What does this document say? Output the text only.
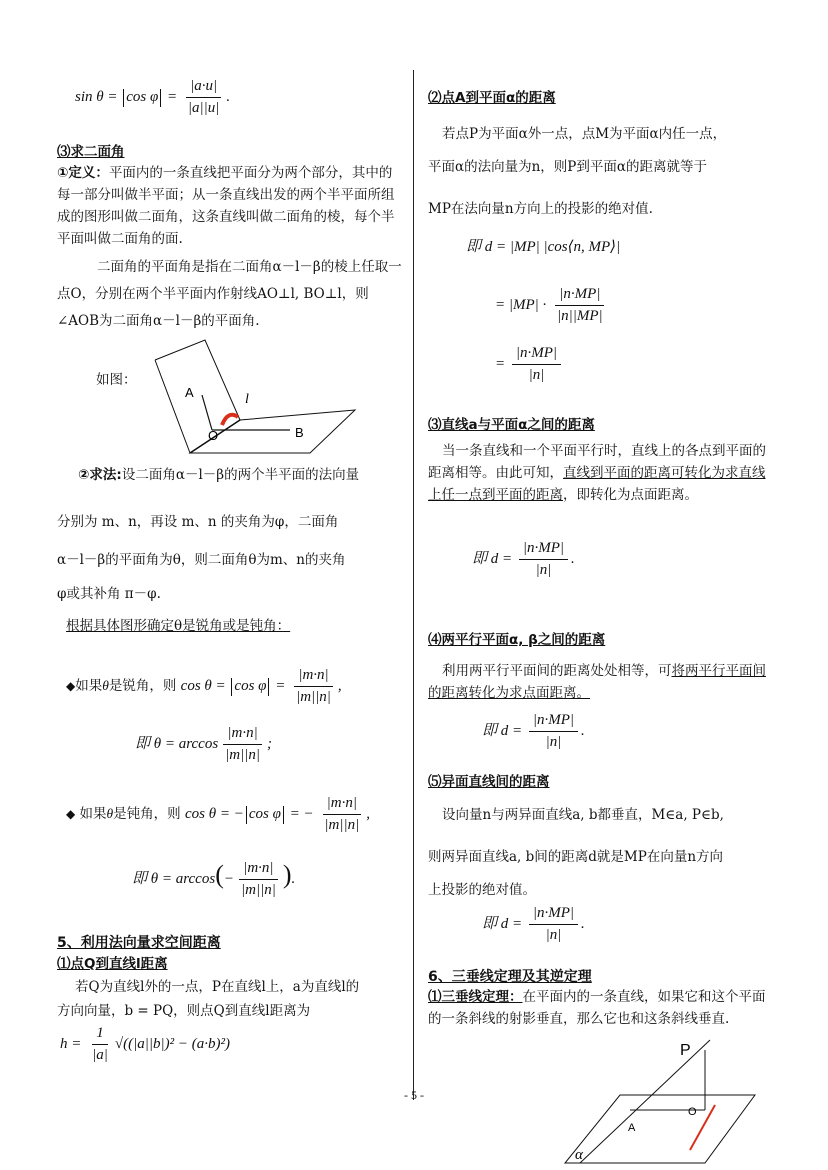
$\sin \theta = \cos \varphi = \frac{|a\cdot u|}{|a||u|}$ .
⑶求二面角
①定义：平面内的一条直线把平面分为两个部分，其中的每一部分叫做半平面；从一条直线出发的两个半平面所组成的图形叫做二面角，这条直线叫做二面角的棱，每个半平面叫做二面角的面.
二面角的平面角是指在二面角α－l－β的棱上任取一点O，分别在两个半平面内作射线AO⊥l, BO⊥l，则∠AOB为二面角α－l－β的平面角.
如图：
A
O	B
l
②求法:设二面角α－l－β的两个半平面的法向量
分别为 m、n，再设 m、n 的夹角为φ，二面角
α－l－β的平面角为θ，则二面角θ为m、n的夹角
φ或其补角 π－φ.
根据具体图形确定θ是锐角或是钝角：
◆如果θ是锐角，则 $\cos \theta = \cos \varphi = \frac{|m\cdot n|}{|m||n|}$ ,
即 $\theta = \arccos \frac{|m\cdot n|}{|m||n|}$ ;
◆ 如果θ是钝角，则 cos θ = − cos φ = − $\frac{|m\cdot n|}{|m||n|}$ ,
即 $\theta = \arccos(- \frac{|m\cdot n|}{|m||n|}$ ).
5、利用法向量求空间距离
⑴点Q到直线l距离
若Q为直线l外的一点，P在直线l上，a为直线l的
方向向量，b = PQ，则点Q到直线l距离为
$h = \frac{1}{|a|} √((|a||b|)^2 - (a\cdot b)^2)$
⑵点A到平面α的距离
若点P为平面α外一点，点M为平面α内任一点，
平面α的法向量为n，则P到平面α的距离就等于
MP在法向量n方向上的投影的绝对值.
即 d = |MP| |cos⟨n, MP⟩|
= $|MP| \cdot \frac{|n\cdot MP|}{|n||MP|}$
= $\frac{|n\cdot MP|}{|n|}$
⑶直线a与平面α之间的距离
当一条直线和一个平面平行时，直线上的各点到平面的距离相等。由此可知，直线到平面的距离可转化为求直线上任一点到平面的距离，即转化为点面距离。
即 $d = \frac{|n\cdot MP|}{|n|}$ .
⑷两平行平面α, β之间的距离
利用两平行平面间的距离处处相等，可将两平行平面间的距离转化为求点面距离。
即 $d = \frac{|n\cdot MP|}{|n|}$ .
⑸异面直线间的距离
设向量n与两异面直线a, b都垂直，M∈a, P∈b,
则两异面直线a, b间的距离d就是MP在向量n方向
上投影的绝对值。
即 $d = \frac{|n\cdot MP|}{|n|}$ .
6、三垂线定理及其逆定理
⑴三垂线定理：在平面内的一条直线，如果它和这个平面的一条斜线的射影垂直，那么它也和这条斜线垂直.
P
O
A
α
- 5 -
